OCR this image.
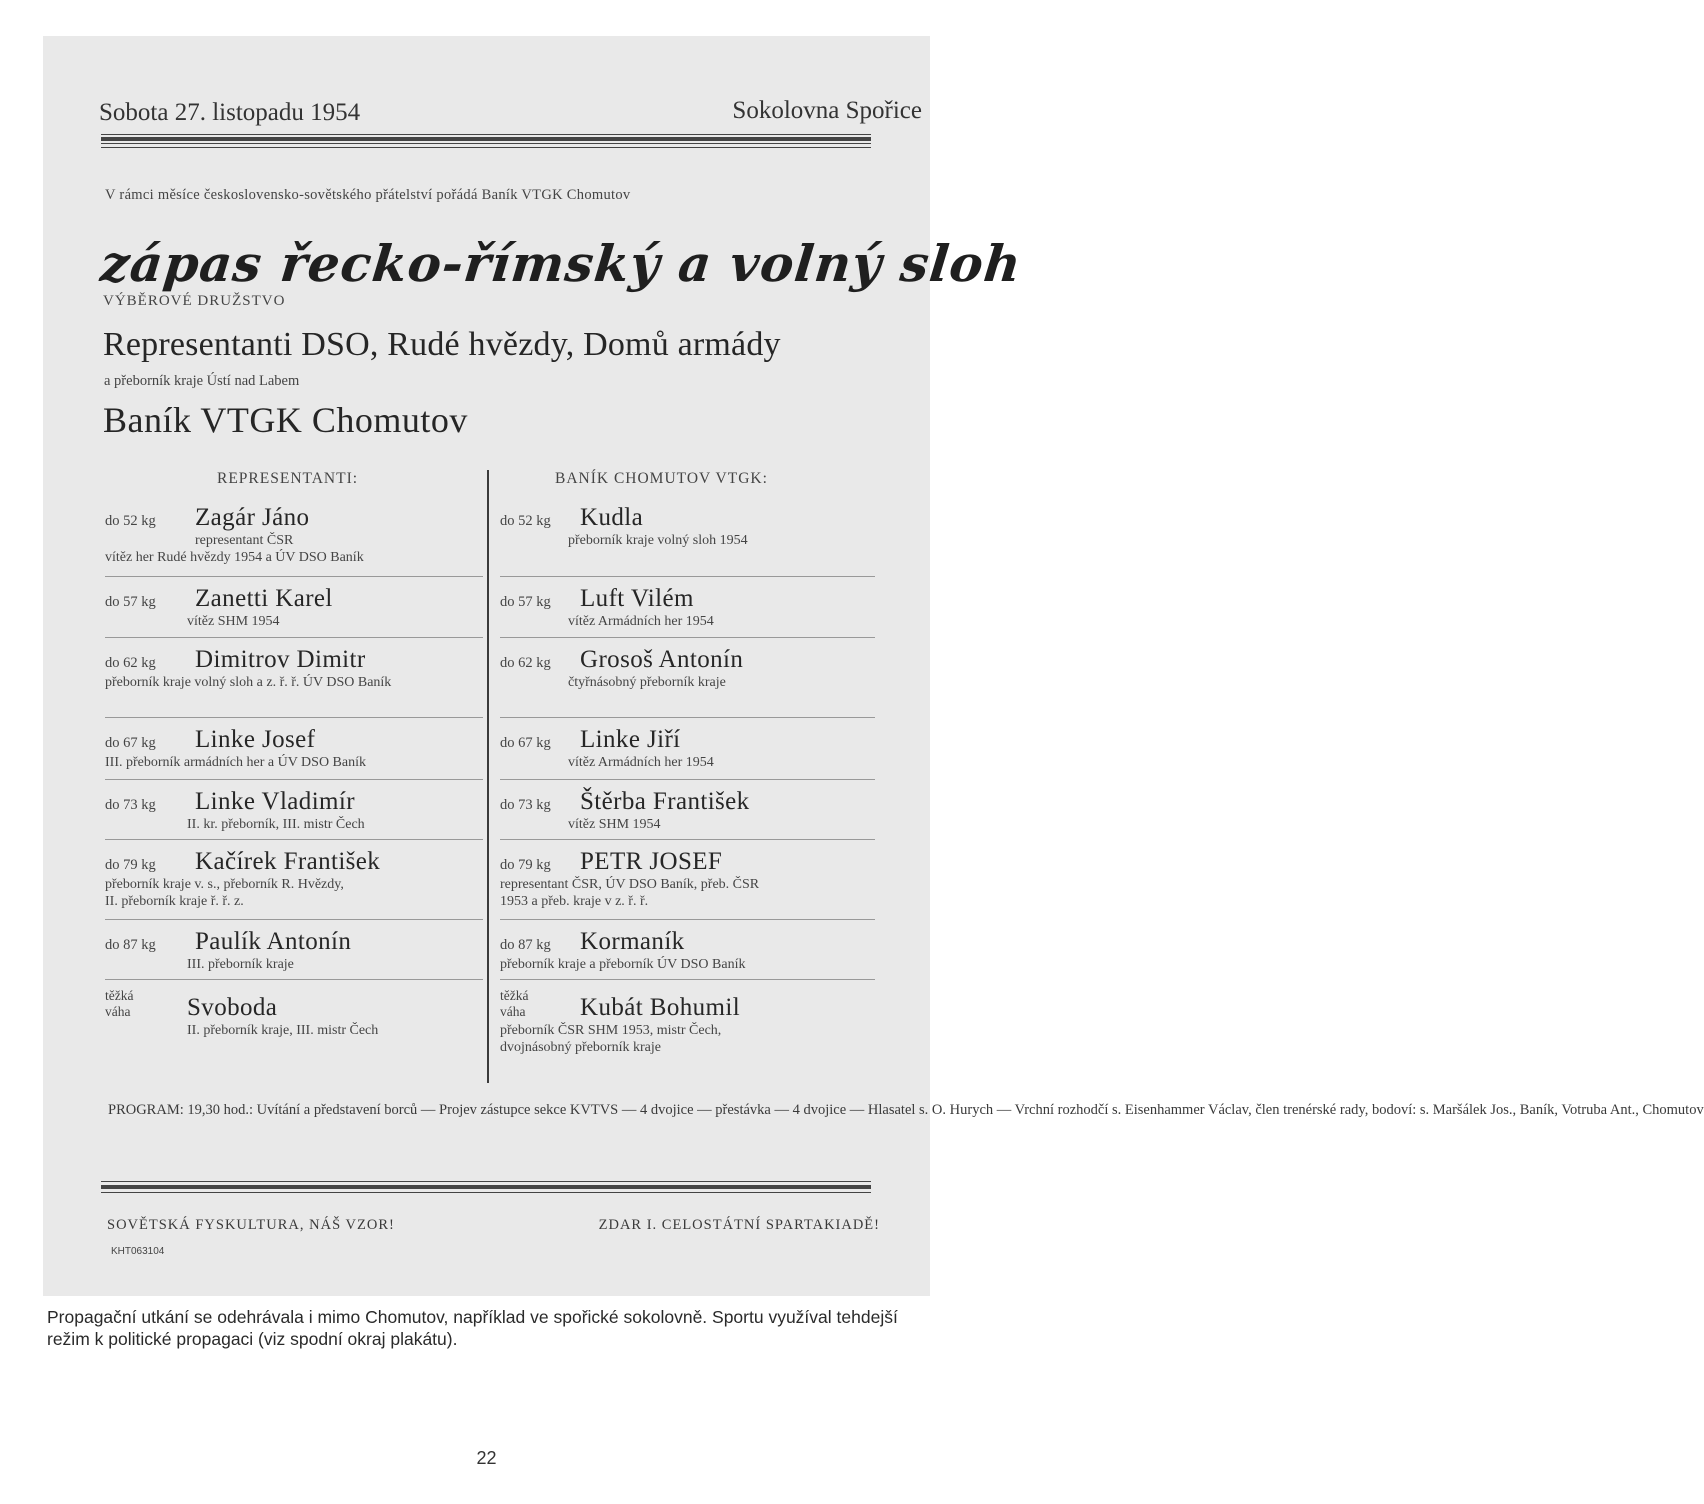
Sobota 27. listopadu 1954	Sokolovna Spořice
V rámci měsíce československo-sovětského přátelství pořádá Baník VTGK Chomutov
zápas řecko-římský a volný sloh
VÝBĚROVÉ DRUŽSTVO
Representanti DSO, Rudé hvězdy, Domů armády
a přeborník kraje Ústí nad Labem
Baník VTGK Chomutov
REPRESENTANTI:	BANÍK CHOMUTOV VTGK:
do 52 kg	Zagár Jáno
representant ČSR
vítěz her Rudé hvězdy 1954 a ÚV DSO Baník
do 57 kg	Zanetti Karel
vítěz SHM 1954
do 62 kg	Dimitrov Dimitr
přeborník kraje volný sloh a z. ř. ř. ÚV DSO Baník
do 67 kg	Linke Josef
III. přeborník armádních her a ÚV DSO Baník
do 73 kg	Linke Vladimír
II. kr. přeborník, III. mistr Čech
do 79 kg	Kačírek František
přeborník kraje v. s., přeborník R. Hvězdy,
II. přeborník kraje ř. ř. z.
do 87 kg	Paulík Antonín
III. přeborník kraje
těžká váha	Svoboda
II. přeborník kraje, III. mistr Čech
do 52 kg	Kudla
přeborník kraje volný sloh 1954
do 57 kg	Luft Vilém
vítěz Armádních her 1954
do 62 kg	Grosoš Antonín
čtyřnásobný přeborník kraje
do 67 kg	Linke Jiří
vítěz Armádních her 1954
do 73 kg	Štěrba František
vítěz SHM 1954
do 79 kg	PETR JOSEF
representant ČSR, ÚV DSO Baník, přeb. ČSR
1953 a přeb. kraje v z. ř. ř.
do 87 kg	Kormaník
přeborník kraje a přeborník ÚV DSO Baník
těžká váha	Kubát Bohumil
přeborník ČSR SHM 1953, mistr Čech,
dvojnásobný přeborník kraje
PROGRAM: 19,30 hod.: Uvítání a představení borců — Projev zástupce sekce KVTVS — 4 dvojice — přestávka — 4 dvojice — Hlasatel s. O. Hurych — Vrchní rozhodčí s. Eisenhammer Václav, člen trenérské rady, bodoví: s. Maršálek Jos., Baník, Votruba Ant., Chomutov
SOVĚTSKÁ FYSKULTURA, NÁŠ VZOR!	ZDAR I. CELOSTÁTNÍ SPARTAKIADĚ!
KHT063104
Propagační utkání se odehrávala i mimo Chomutov, například ve spořické sokolovně. Sportu využíval tehdejší režim k politické propagaci (viz spodní okraj plakátu).
22
